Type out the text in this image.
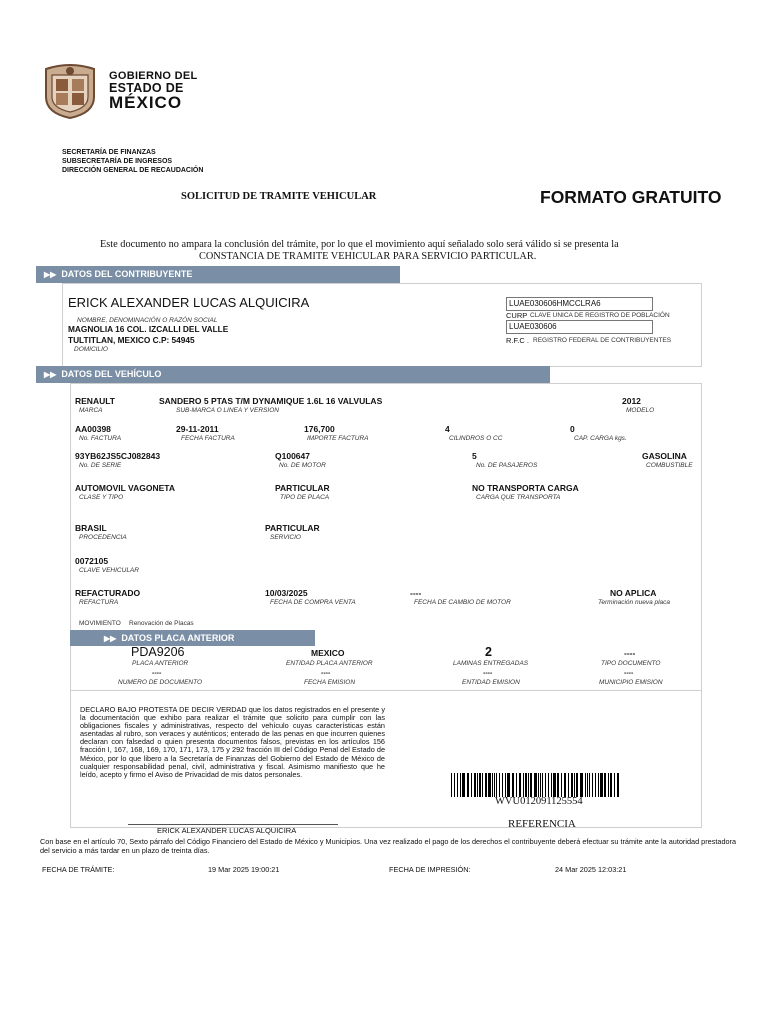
GOBIERNO DEL
ESTADO DE
MÉXICO
SECRETARÍA DE FINANZAS
SUBSECRETARÍA DE INGRESOS
DIRECCIÓN GENERAL DE RECAUDACIÓN
SOLICITUD DE TRAMITE VEHICULAR	FORMATO GRATUITO
Este documento no ampara la conclusión del trámite, por lo que el movimiento aquí señalado solo será válido si se presenta la
CONSTANCIA DE TRAMITE VEHICULAR PARA SERVICIO PARTICULAR.
▶▶ DATOS DEL CONTRIBUYENTE
ERICK ALEXANDER LUCAS ALQUICIRA
NOMBRE, DENOMINACIÓN O RAZÓN SOCIAL
MAGNOLIA 16 COL. IZCALLI DEL VALLE
TULTITLAN, MEXICO C.P: 54945
DOMICILIO
LUAE030606HMCCLRA6
CURP CLAVE UNICA DE REGISTRO DE POBLACIÓN
LUAE030606
R.F.C . REGISTRO FEDERAL DE CONTRIBUYENTES
▶▶ DATOS DEL VEHÍCULO
RENAULT
MARCA
SANDERO 5 PTAS T/M DYNAMIQUE 1.6L 16 VALVULAS
SUB-MARCA O LINEA Y VERSION
2012
MODELO
AA00398
No. FACTURA
29-11-2011
FECHA FACTURA
176,700
IMPORTE FACTURA
4
CILINDROS O CC
0
CAP. CARGA kgs.
93YB62JS5CJ082843
No. DE SERIE
Q100647
No. DE MOTOR
5
No. DE PASAJEROS
GASOLINA
COMBUSTIBLE
AUTOMOVIL VAGONETA
CLASE Y TIPO
PARTICULAR
TIPO DE PLACA
NO TRANSPORTA CARGA
CARGA QUE TRANSPORTA
BRASIL
PROCEDENCIA
PARTICULAR
SERVICIO
0072105
CLAVE VEHICULAR
REFACTURADO
REFACTURA
10/03/2025
FECHA DE COMPRA VENTA
----
FECHA DE CAMBIO DE MOTOR
NO APLICA
Terminación nueva placa
MOVIMIENTO Renovación de Placas
▶▶ DATOS PLACA ANTERIOR
PDA9206
PLACA ANTERIOR
MEXICO
ENTIDAD PLACA ANTERIOR
2
LAMINAS ENTREGADAS
----
TIPO DOCUMENTO
----
NUMERO DE DOCUMENTO
----
FECHA EMISION
----
ENTIDAD EMISION
----
MUNICIPIO EMISION
DECLARO BAJO PROTESTA DE DECIR VERDAD que los datos registrados en el presente y la documentación que exhibo para realizar el trámite que solicito para cumplir con las obligaciones fiscales y administrativas, respecto del vehículo cuyas características están asentadas al rubro, son veraces y auténticos; enterado de las penas en que incurren quienes declaran con falsedad o quien presenta documentos falsos, previstas en los artículos 156 fracción I, 167, 168, 169, 170, 171, 173, 175 y 292 fracción III del Código Penal del Estado de México, por lo que libero a la Secretaría de Finanzas del Gobierno del Estado de México de cualquier responsabilidad penal, civil, administrativa y fiscal. Asimismo manifiesto que he leído, acepto y firmo el Aviso de Privacidad de mis datos personales.
WVU012091125554
REFERENCIA
ERICK ALEXANDER LUCAS ALQUICIRA
Con base en el artículo 70, Sexto párrafo del Código Financiero del Estado de México y Municipios. Una vez realizado el pago de los derechos el contribuyente deberá efectuar su trámite ante la autoridad prestadora del servicio a más tardar en un plazo de treinta días.
FECHA DE TRÁMITE:	19 Mar 2025 19:00:21	FECHA DE IMPRESIÓN:	24 Mar 2025 12:03:21
